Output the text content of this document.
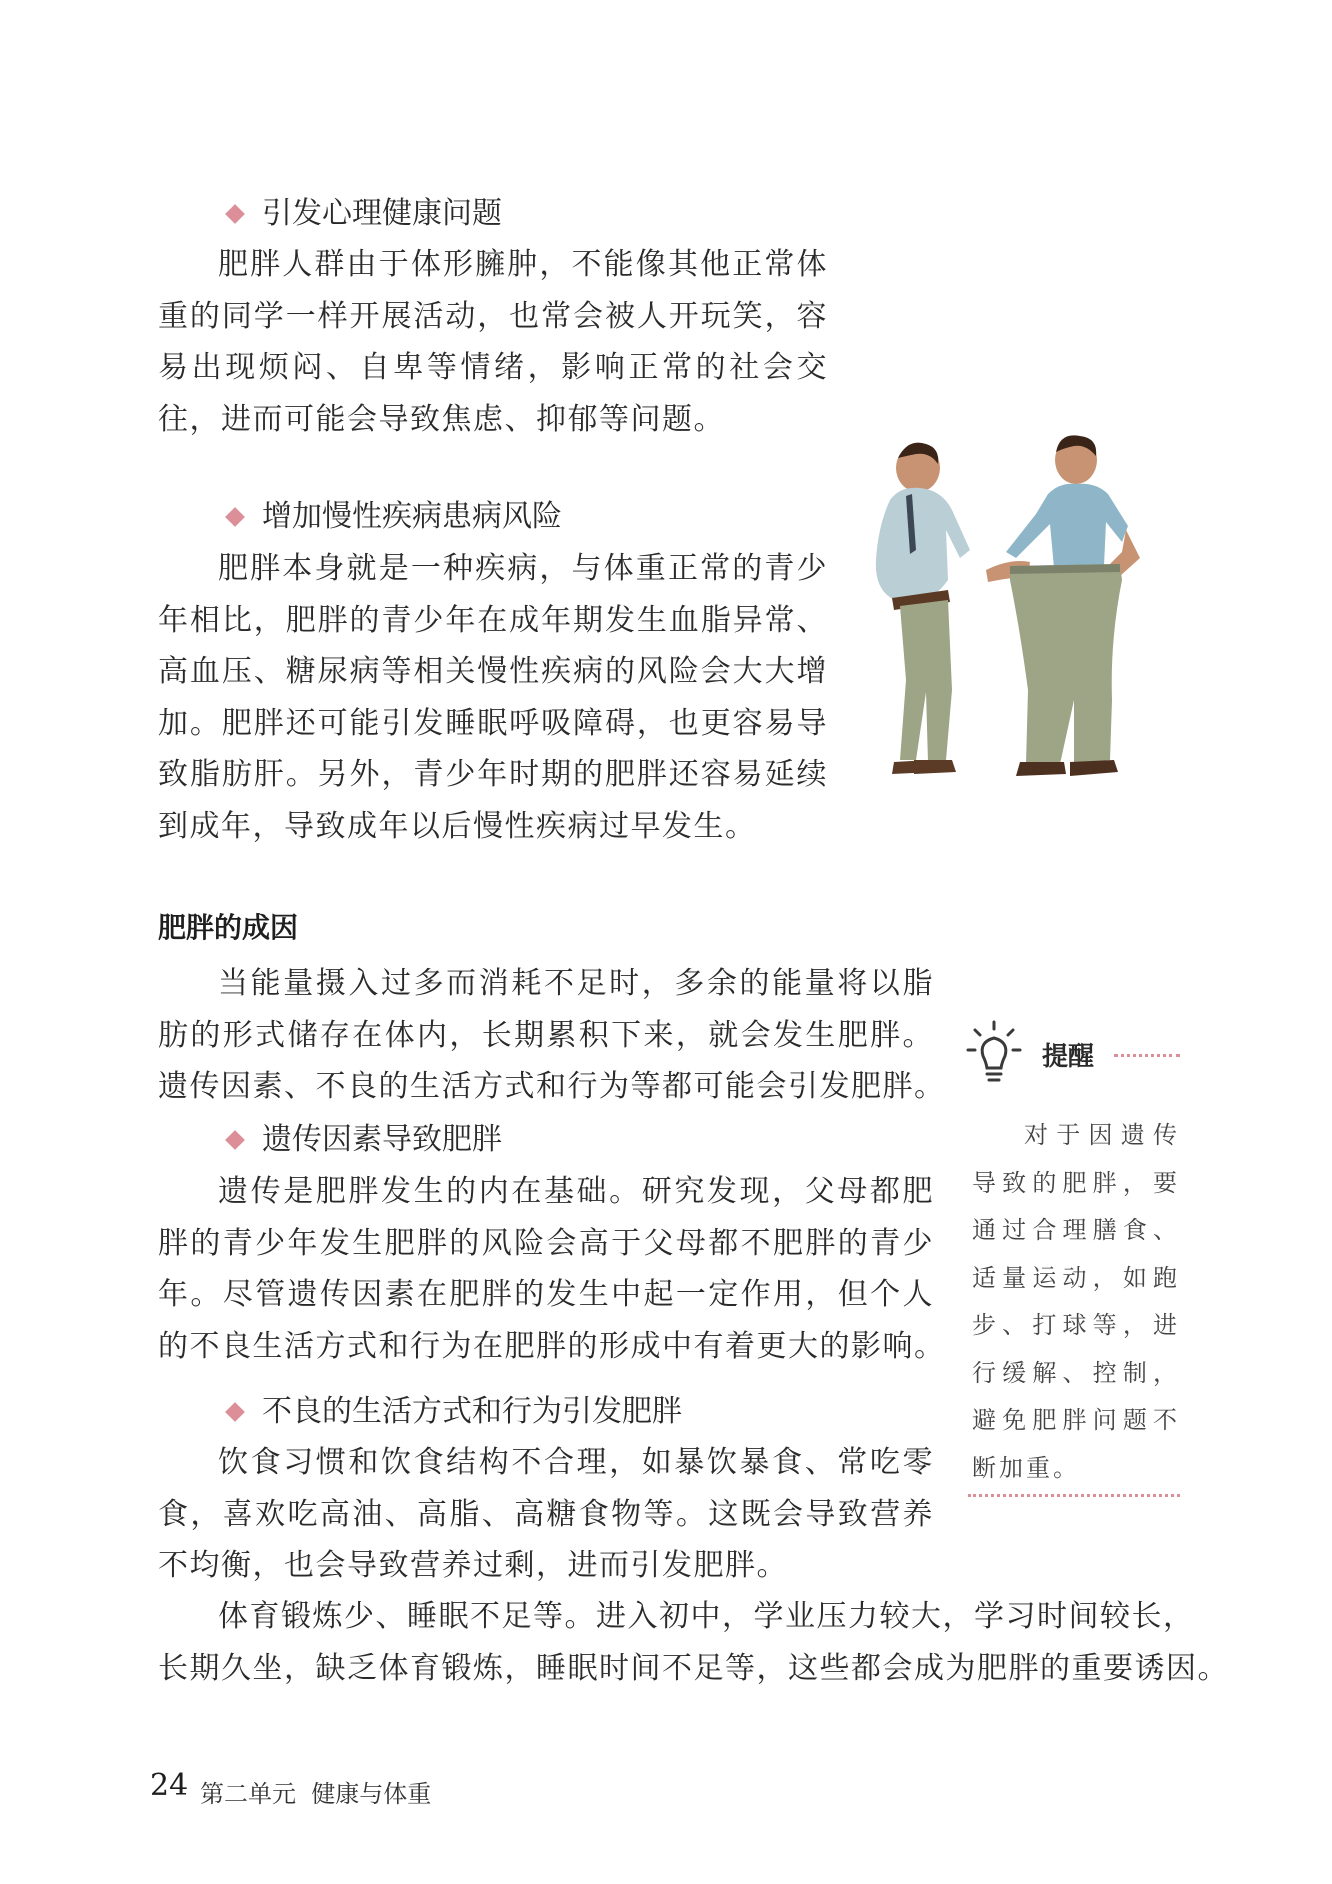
引发心理健康问题
肥胖人群由于体形臃肿，不能像其他正常体
重的同学一样开展活动，也常会被人开玩笑，容
易出现烦闷、自卑等情绪，影响正常的社会交
往，进而可能会导致焦虑、抑郁等问题。
增加慢性疾病患病风险
肥胖本身就是一种疾病，与体重正常的青少
年相比，肥胖的青少年在成年期发生血脂异常、
高血压、糖尿病等相关慢性疾病的风险会大大增
加。肥胖还可能引发睡眠呼吸障碍，也更容易导
致脂肪肝。另外，青少年时期的肥胖还容易延续
到成年，导致成年以后慢性疾病过早发生。
肥胖的成因
当能量摄入过多而消耗不足时，多余的能量将以脂
肪的形式储存在体内，长期累积下来，就会发生肥胖。
遗传因素、不良的生活方式和行为等都可能会引发肥胖。
遗传因素导致肥胖
遗传是肥胖发生的内在基础。研究发现，父母都肥
胖的青少年发生肥胖的风险会高于父母都不肥胖的青少
年。尽管遗传因素在肥胖的发生中起一定作用，但个人
的不良生活方式和行为在肥胖的形成中有着更大的影响。
不良的生活方式和行为引发肥胖
饮食习惯和饮食结构不合理，如暴饮暴食、常吃零
食，喜欢吃高油、高脂、高糖食物等。这既会导致营养
不均衡，也会导致营养过剩，进而引发肥胖。
体育锻炼少、睡眠不足等。进入初中，学业压力较大，学习时间较长，
长期久坐，缺乏体育锻炼，睡眠时间不足等，这些都会成为肥胖的重要诱因。
提醒
对于因遗传
导致的肥胖，要
通过合理膳食、
适量运动，如跑
步、打球等，进
行缓解、控制，
避免肥胖问题不
断加重。
24 第二单元  健康与体重
